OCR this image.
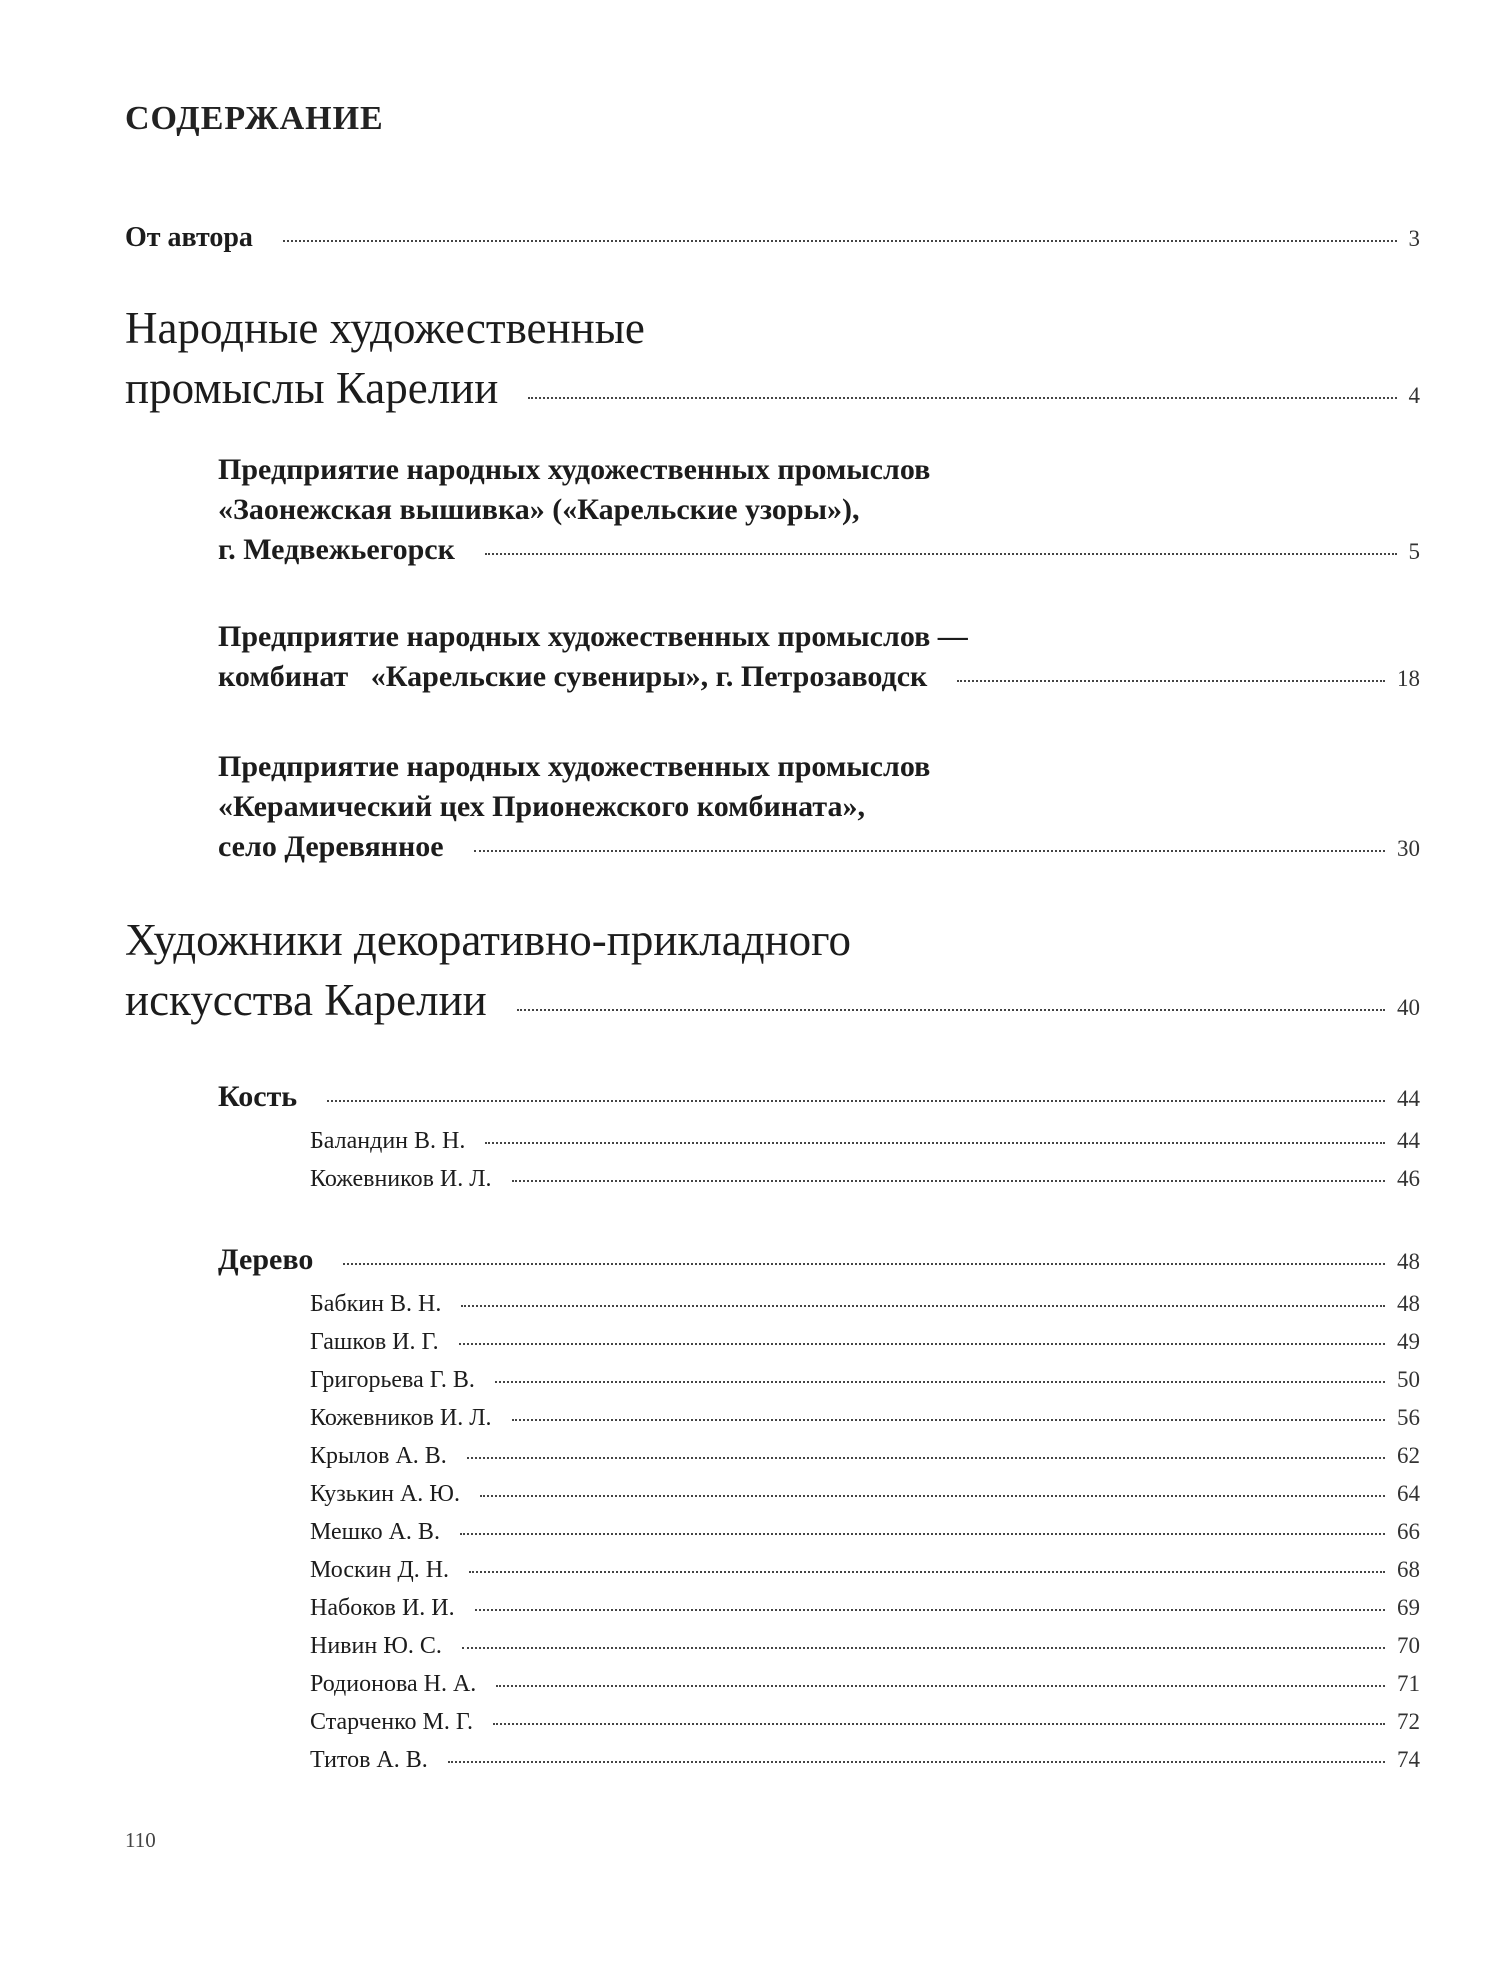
СОДЕРЖАНИЕ
От автора	3
Народные художественные
промыслы Карелии	4
Предприятие народных художественных промыслов
«Заонежская вышивка» («Карельские узоры»),
г. Медвежьегорск	5
Предприятие народных художественных промыслов —
комбинат   «Карельские сувениры», г. Петрозаводск	18
Предприятие народных художественных промыслов
«Керамический цех Прионежского комбината»,
село Деревянное	30
Художники декоративно-прикладного
искусства Карелии	40
Кость	44
Баландин В. Н.	44
Кожевников И. Л.	46
Дерево	48
Бабкин В. Н.	48
Гашков И. Г.	49
Григорьева Г. В.	50
Кожевников И. Л.	56
Крылов А. В.	62
Кузькин А. Ю.	64
Мешко А. В.	66
Москин Д. Н.	68
Набоков И. И.	69
Нивин Ю. С.	70
Родионова Н. А.	71
Старченко М. Г.	72
Титов А. В.	74
110
